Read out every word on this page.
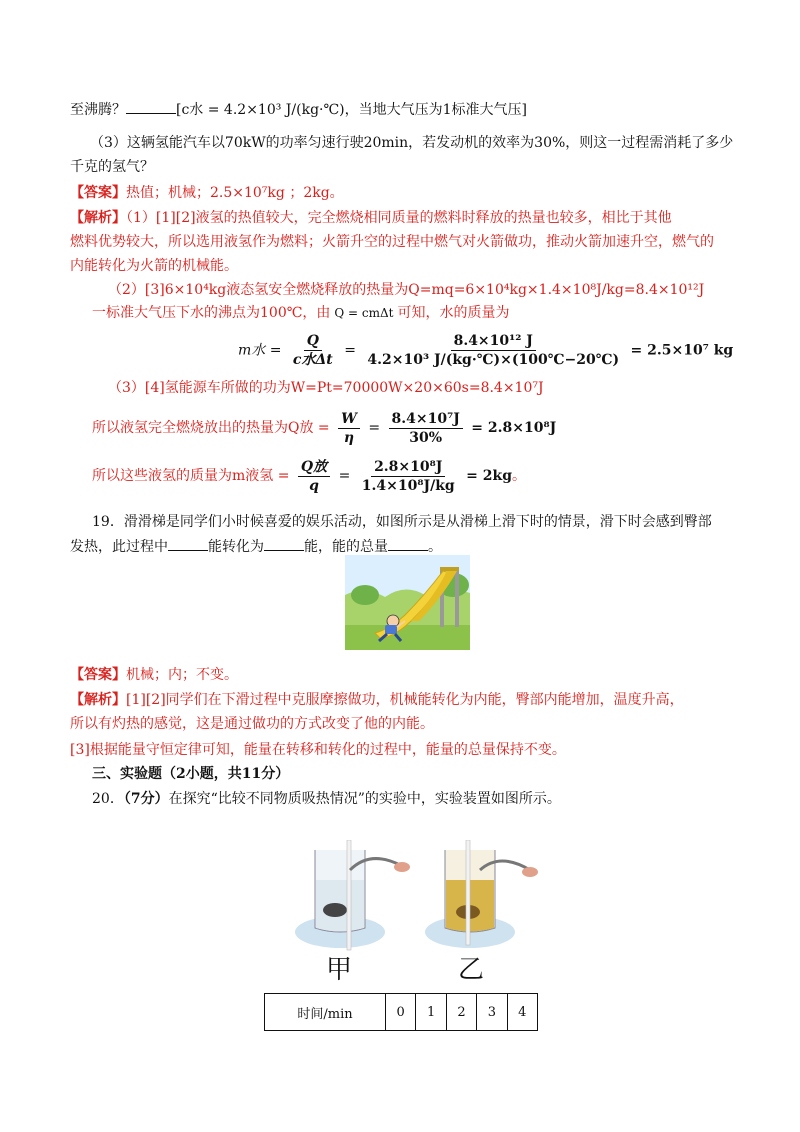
至沸腾？	[c水 = 4.2×10³ J/(kg·℃)，当地大气压为1标准大气压]
（3）这辆氢能汽车以70kW的功率匀速行驶20min，若发动机的效率为30%，则这一过程需消耗了多少
千克的氢气？
【答案】热值；机械；2.5×10⁷kg ；2kg。
【解析】（1）[1][2]液氢的热值较大，完全燃烧相同质量的燃料时释放的热量也较多，相比于其他
燃料优势较大，所以选用液氢作为燃料；火箭升空的过程中燃气对火箭做功，推动火箭加速升空，燃气的
内能转化为火箭的机械能。
（2）[3]6×10⁴kg液态氢安全燃烧释放的热量为Q=mq=6×10⁴kg×1.4×10⁸J/kg=8.4×10¹²J
一标准大气压下水的沸点为100℃，由 Q = cmΔt 可知，水的质量为
m水 = $\frac{Q}{\text{c水Δt}} = \frac{\text{8.4×10¹² J}}{\text{4.2×10³ J/(kg·℃)×(100℃−20℃)}} = 2.5\times 10^7$ kg
（3）[4]氢能源车所做的功为W=Pt=70000W×20×60s=8.4×10⁷J
所以液氢完全燃烧放出的热量为Q放 = $\frac{W}{\eta} = \frac{\text{8.4×10⁷J}}{30\%} = 2.8\times 10^8J$
所以这些液氢的质量为m液氢 = $\frac{\text{Q放}}{q} = \frac{\text{2.8×10⁸J}}{\text{1.4×10⁸J/kg}} = 2kg$。
19．滑滑梯是同学们小时候喜爱的娱乐活动，如图所示是从滑梯上滑下时的情景，滑下时会感到臀部
发热，此过程中	能转化为	能，能的总量	。
【答案】机械；内；不变。
【解析】[1][2]同学们在下滑过程中克服摩擦做功，机械能转化为内能，臀部内能增加，温度升高，
所以有灼热的感觉，这是通过做功的方式改变了他的内能。
[3]根据能量守恒定律可知，能量在转移和转化的过程中，能量的总量保持不变。
三、实验题（2小题，共11分）
20．（7分）在探究“比较不同物质吸热情况”的实验中，实验装置如图所示。
甲	乙
时间/min	0	1	2	3	4
